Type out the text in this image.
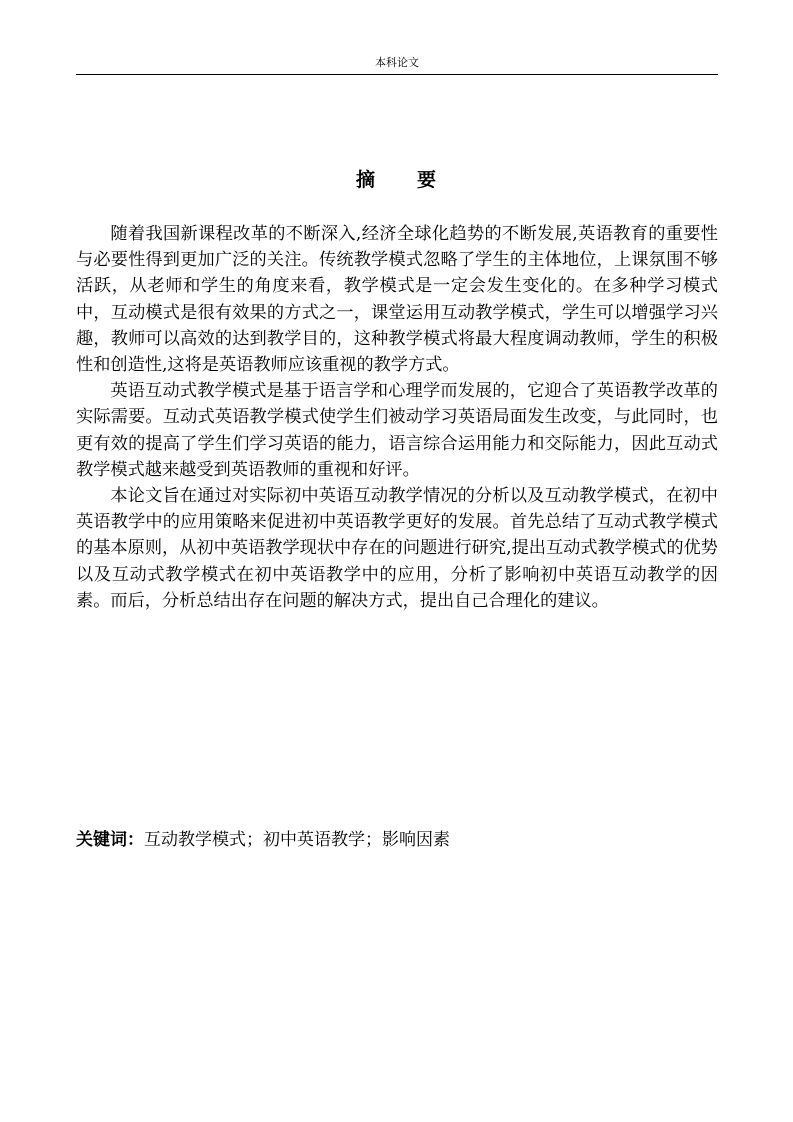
本科论文
摘 要

随着我国新课程改革的不断深入,经济全球化趋势的不断发展,英语教育的重要性与必要性得到更加广泛的关注。传统教学模式忽略了学生的主体地位，上课氛围不够活跃，从老师和学生的角度来看，教学模式是一定会发生变化的。在多种学习模式中，互动模式是很有效果的方式之一，课堂运用互动教学模式，学生可以增强学习兴趣，教师可以高效的达到教学目的，这种教学模式将最大程度调动教师，学生的积极性和创造性,这将是英语教师应该重视的教学方式。

英语互动式教学模式是基于语言学和心理学而发展的，它迎合了英语教学改革的实际需要。互动式英语教学模式使学生们被动学习英语局面发生改变，与此同时，也更有效的提高了学生们学习英语的能力，语言综合运用能力和交际能力，因此互动式教学模式越来越受到英语教师的重视和好评。

本论文旨在通过对实际初中英语互动教学情况的分析以及互动教学模式，在初中英语教学中的应用策略来促进初中英语教学更好的发展。首先总结了互动式教学模式的基本原则，从初中英语教学现状中存在的问题进行研究,提出互动式教学模式的优势以及互动式教学模式在初中英语教学中的应用，分析了影响初中英语互动教学的因素。而后，分析总结出存在问题的解决方式，提出自己合理化的建议。

关键词：互动教学模式；初中英语教学；影响因素
